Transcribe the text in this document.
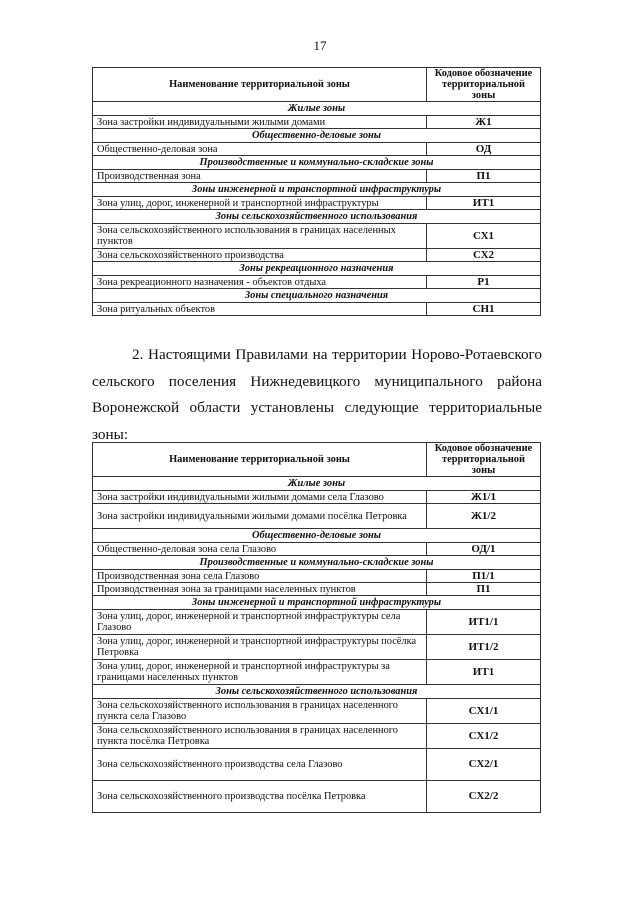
17
Наименование территориальной зоны	Кодовое обозначение территориальной зоны
Жилые зоны	
Зона застройки индивидуальными жилыми домами	Ж1
Общественно-деловые зоны	
Общественно-деловая зона	ОД
Производственные и коммунально-складские зоны	
Производственная зона	П1
Зоны инженерной и транспортной инфраструктуры	
Зона улиц, дорог, инженерной и транспортной инфраструктуры	ИТ1
Зоны сельскохозяйственного использования	
Зона сельскохозяйственного использования в границах населенных пунктов	СХ1
Зона сельскохозяйственного производства	СХ2
Зоны рекреационного назначения	
Зона рекреационного назначения - объектов отдыха	Р1
Зоны специального назначения	
Зона ритуальных объектов	СН1

2. Настоящими Правилами на территории Норово-Ротаевского сельского поселения Нижнедевицкого муниципального района Воронежской области установлены следующие территориальные зоны:

Наименование территориальной зоны	Кодовое обозначение территориальной зоны
Жилые зоны	
Зона застройки индивидуальными жилыми домами села Глазово	Ж1/1
Зона застройки индивидуальными жилыми домами посёлка Петровка	Ж1/2
Общественно-деловые зоны	
Общественно-деловая зона села Глазово	ОД/1
Производственные и коммунально-складские зоны	
Производственная зона села Глазово	П1/1
Производственная зона за границами населенных пунктов	П1
Зоны инженерной и транспортной инфраструктуры	
Зона улиц, дорог, инженерной и транспортной инфраструктуры села Глазово	ИТ1/1
Зона улиц, дорог, инженерной и транспортной инфраструктуры посёлка Петровка	ИТ1/2
Зона улиц, дорог, инженерной и транспортной инфраструктуры за границами населенных пунктов	ИТ1
Зоны сельскохозяйственного использования	
Зона сельскохозяйственного использования в границах населенного пункта села Глазово	СХ1/1
Зона сельскохозяйственного использования в границах населенного пункта посёлка Петровка	СХ1/2
Зона сельскохозяйственного производства села Глазово	СХ2/1
Зона сельскохозяйственного производства посёлка Петровка	СХ2/2
